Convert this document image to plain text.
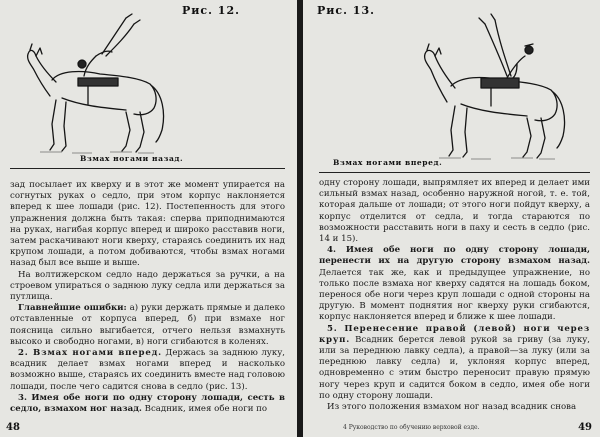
Рис. 12.
Взмах ногами назад.

зад посылает их кверху и в этот же момент упирается на согнутых руках о седло, при этом корпус наклоняется вперед к шее лошади (рис. 12). Постепенность для этого упражнения должна быть такая: сперва приподнимаются на руках, нагибая корпус вперед и широко расставив ноги, затем раскачивают ноги кверху, стараясь соединить их над крупом лошади, а потом добиваются, чтобы взмах ногами назад был все выше и выше.

На волтижерском седло надо держаться за ручки, а на строевом упираться о заднюю луку седла или держаться за путлища.

Главнейшие ошибки: а) руки держать прямые и далеко отставленные от корпуса вперед, б) при взмахе ног поясница сильно выгибается, отчего нельзя взмахнуть высоко и свободно ногами, в) ноги сгибаются в коленях.

2. Взмах ногами вперед. Держась за заднюю луку, всадник делает взмах ногами вперед и насколько возможно выше, стараясь их соединить вместе над головою лошади, после чего садится снова в седло (рис. 13).

3. Имея обе ноги по одну сторону лошади, сесть в седло, взмахом ног назад. Всадник, имея обе ноги по

48
Рис. 13.
Взмах ногами вперед.

одну сторону лошади, выпрямляет их вперед и делает ими сильный взмах назад, особенно наружной ногой, т. е. той, которая дальше от лошади; от этого ноги пойдут кверху, а корпус отделится от седла, и тогда стараются по возможности расставить ноги в паху и сесть в седло (рис. 14 и 15).

4. Имея обе ноги по одну сторону лошади, перенести их на другую сторону взмахом назад. Делается так же, как и предыдущее упражнение, но только после взмаха ног кверху садятся на лошадь боком, перенося обе ноги через круп лошади с одной стороны на другую. В момент поднятия ног кверху руки сгибаются, корпус наклоняется вперед и ближе к шее лошади.

5. Перенесение правой (левой) ноги через круп. Всадник берется левой рукой за гриву (за луку, или за переднюю лавку седла), а правой—за луку (или за переднюю лавку седла) и, уклоняя корпус вперед, одновременно с этим быстро переносит правую прямую ногу через круп и садится боком в седло, имея обе ноги по одну сторону лошади.

Из этого положения взмахом ног назад всадник снова

4 Руководство по обучению верховой езде.	49
